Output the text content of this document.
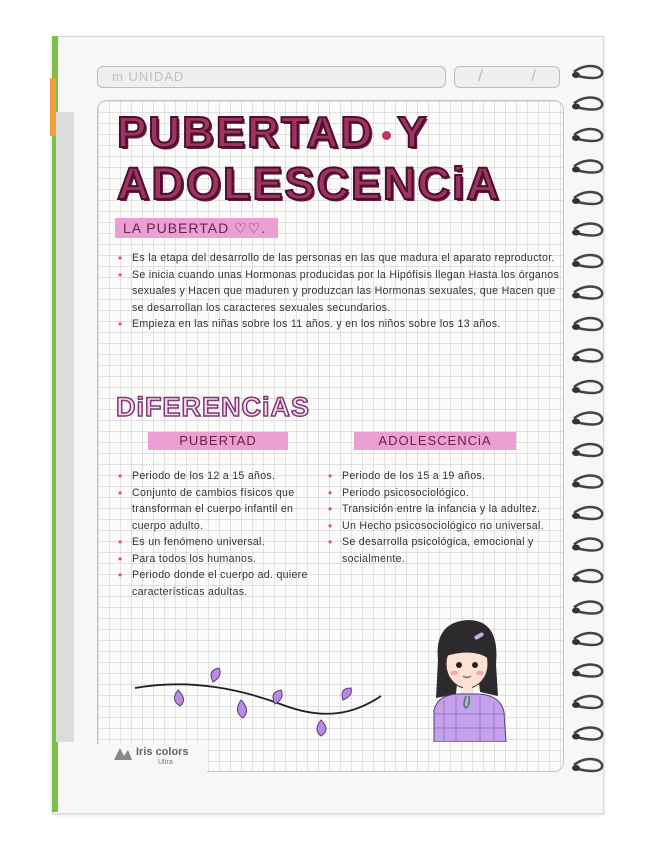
m UNIDAD	/ /
PUBERTAD Y
ADOLESCENCiA
LA PUBERTAD ♡♡.
• Es la etapa del desarrollo de las personas en las que madura el aparato reproductor.
• Se inicia cuando unas Hormonas producidas por la Hipófisis llegan Hasta los órganos sexuales y Hacen que maduren y produzcan las Hormonas sexuales, que Hacen que se desarrollan los caracteres sexuales secundarios.
• Empieza en las niñas sobre los 11 años. y en los niños sobre los 13 años.
DiFERENCiAS
PUBERTAD	ADOLESCENCiA
• Periodo de los 12 a 15 años.
• Conjunto de cambios físicos que transforman el cuerpo infantil en cuerpo adulto.
• Es un fenómeno universal.
• Para todos los humanos.
• Periodo donde el cuerpo ad. quiere características adultas.
• Periodo de los 15 a 19 años.
• Periodo psicosociológico.
• Transición entre la infancia y la adultez.
• Un Hecho psicosociológico no universal.
• Se desarrolla psicológica, emocional y socialmente.
Iris colors
Ultra
